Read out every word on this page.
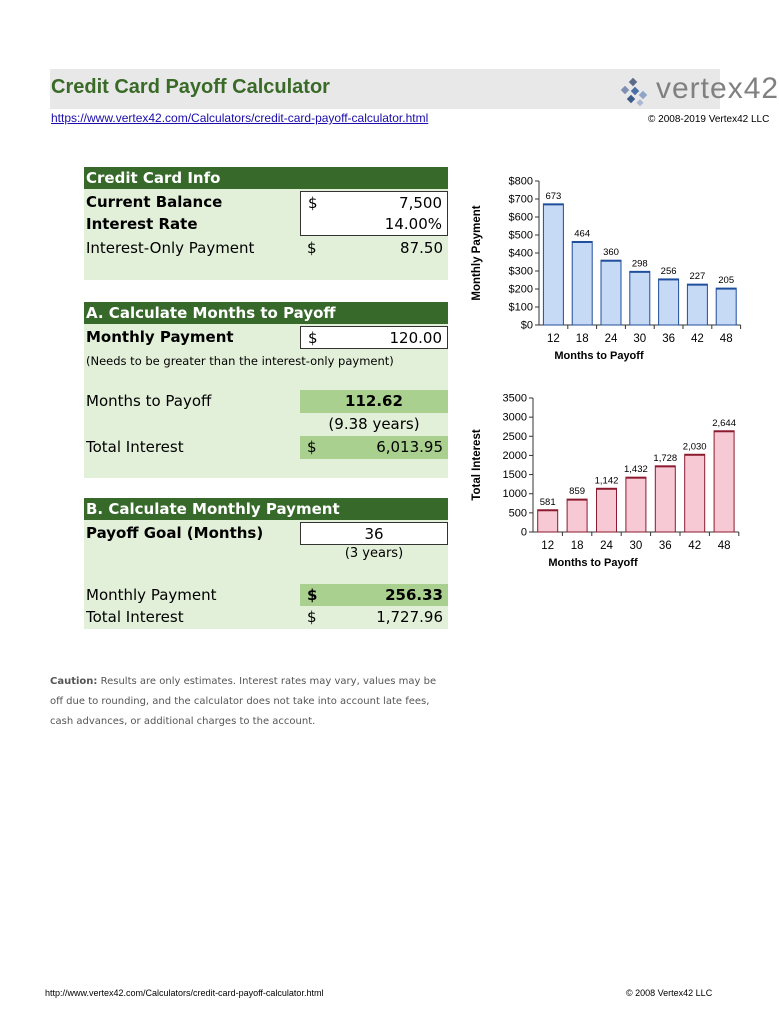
Credit Card Payoff Calculator	vertex42
https://www.vertex42.com/Calculators/credit-card-payoff-calculator.html	© 2008-2019 Vertex42 LLC
Credit Card Info
Current Balance	$	7,500
Interest Rate	14.00%
Interest-Only Payment	$	87.50
A. Calculate Months to Payoff
Monthly Payment	$	120.00
(Needs to be greater than the interest-only payment)
Months to Payoff	112.62
(9.38 years)
Total Interest	$	6,013.95
B. Calculate Monthly Payment
Payoff Goal (Months)	36
(3 years)
Monthly Payment	$	256.33
Total Interest	$	1,727.96
Caution: Results are only estimates. Interest rates may vary, values may be off due to rounding, and the calculator does not take into account late fees, cash advances, or additional charges to the account.
$0
$100
$200
$300
$400
$500
$600
$700
$800
673
12
464
18
360
24
298
30
256
36
227
42
205
48
Months to Payoff
Monthly Payment
0
500
1000
1500
2000
2500
3000
3500
581
12
859
18
1,142
24
1,432
30
1,728
36
2,030
42
2,644
48
Months to Payoff
Total Interest
http://www.vertex42.com/Calculators/credit-card-payoff-calculator.html	© 2008 Vertex42 LLC
